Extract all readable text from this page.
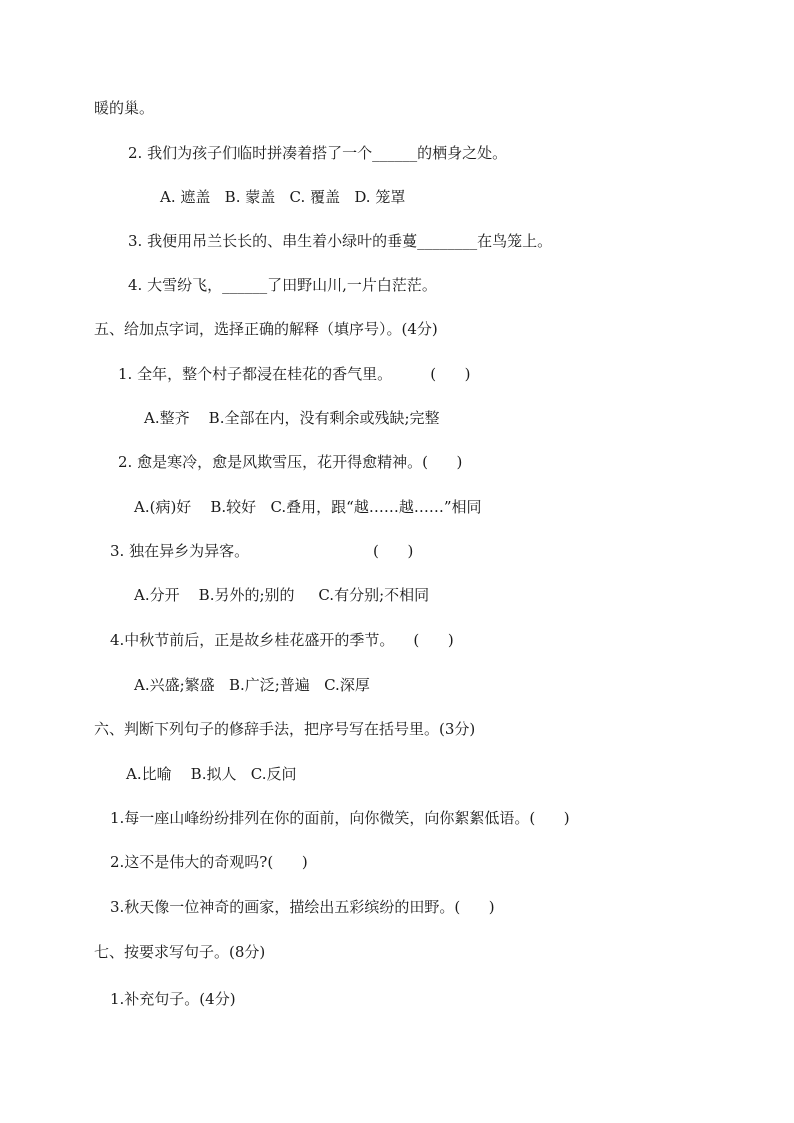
暖的巢。
2. 我们为孩子们临时拼凑着搭了一个______的栖身之处。
A. 遮盖   B. 蒙盖   C. 覆盖   D. 笼罩
3. 我便用吊兰长长的、串生着小绿叶的垂蔓________在鸟笼上。
4. 大雪纷飞，______了田野山川,一片白茫茫。
五、给加点字词，选择正确的解释（填序号）。(4分)
1. 全年，整个村子都浸在桂花的香气里。        (      )
A.整齐    B.全部在内，没有剩余或残缺;完整
2. 愈是寒冷，愈是风欺雪压，花开得愈精神。(      )
A.(病)好    B.较好   C.叠用，跟“越……越……”相同
3. 独在异乡为异客。                          (      )
A.分开    B.另外的;别的     C.有分别;不相同
4.中秋节前后，正是故乡桂花盛开的季节。    (      )
A.兴盛;繁盛   B.广泛;普遍   C.深厚
六、判断下列句子的修辞手法，把序号写在括号里。(3分)
A.比喻    B.拟人   C.反问
1.每一座山峰纷纷排列在你的面前，向你微笑，向你絮絮低语。(      )
2.这不是伟大的奇观吗?(      )
3.秋天像一位神奇的画家，描绘出五彩缤纷的田野。(      )
七、按要求写句子。(8分)
1.补充句子。(4分)
